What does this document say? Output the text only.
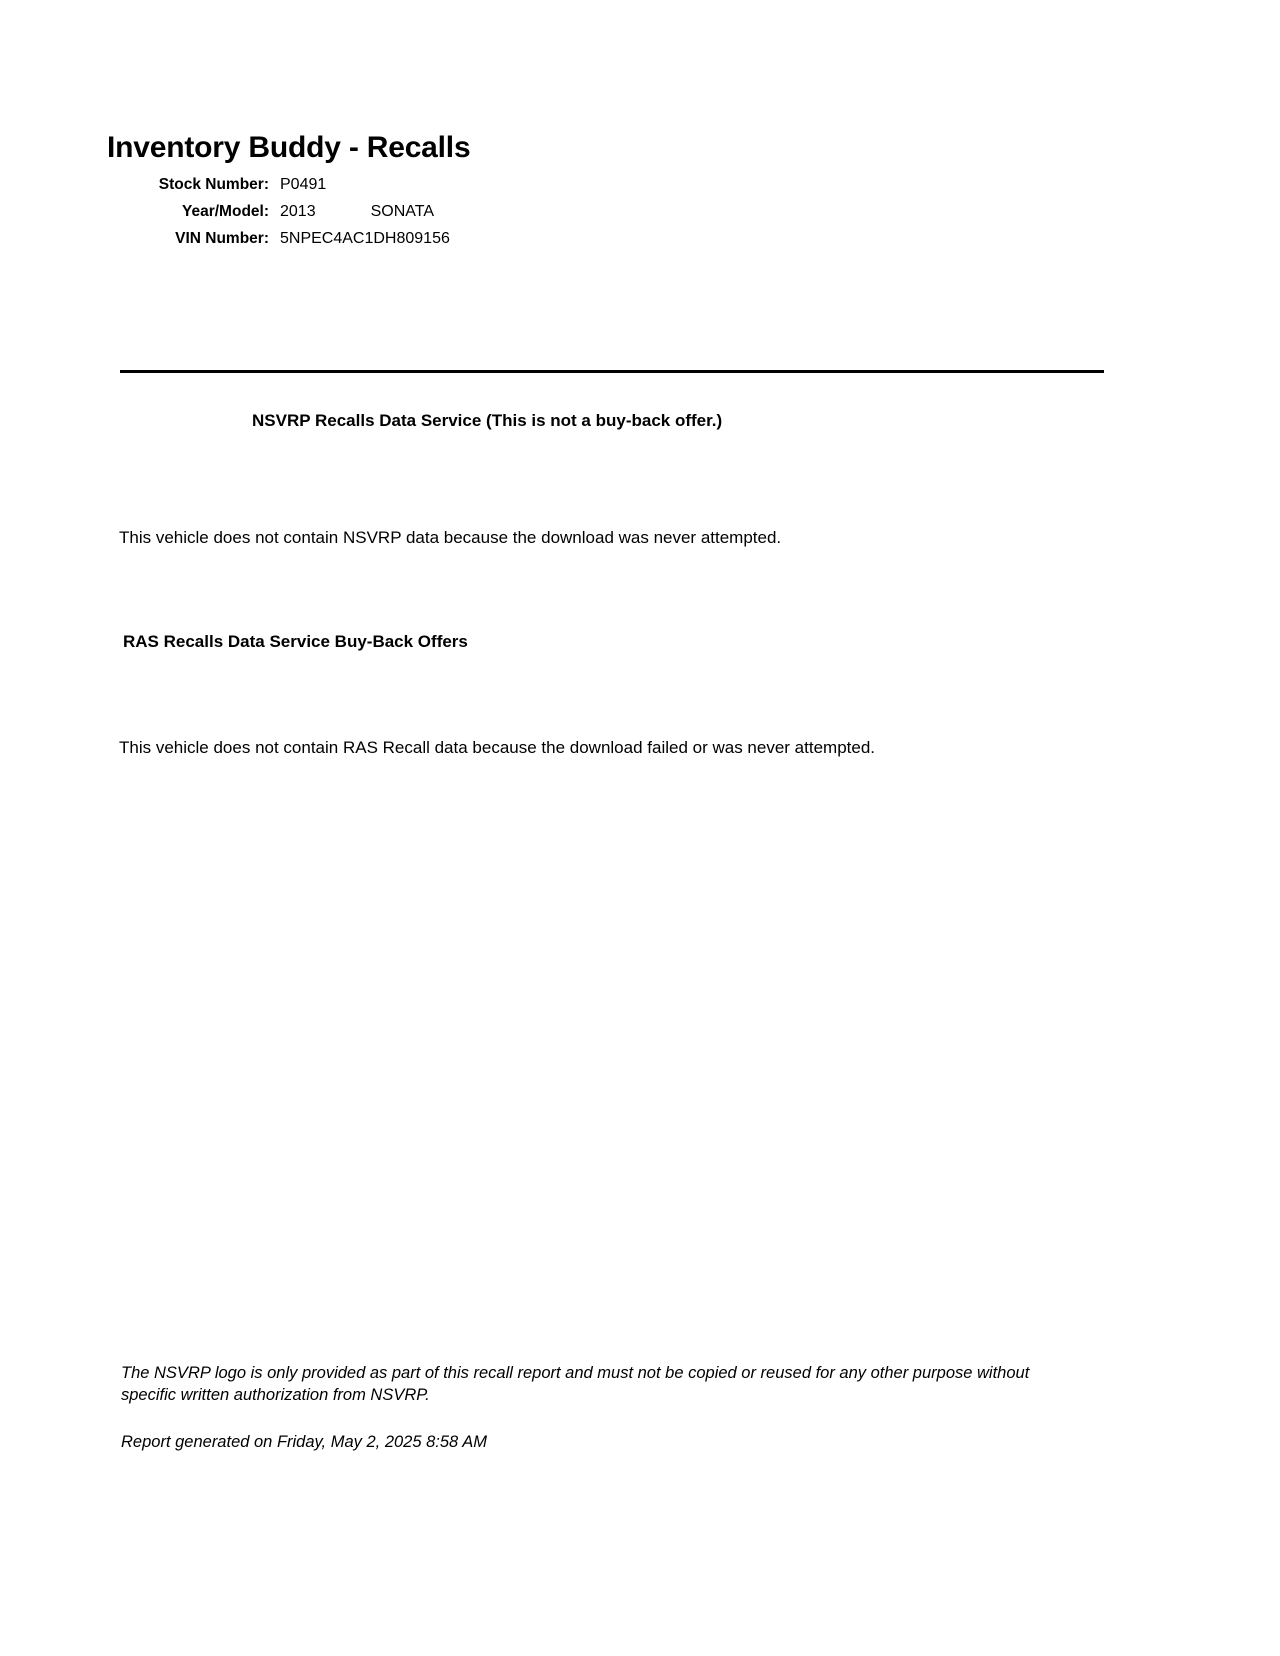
Inventory Buddy - Recalls
Stock Number: P0491
Year/Model: 2013	SONATA
VIN Number: 5NPEC4AC1DH809156
NSVRP Recalls Data Service (This is not a buy-back offer.)
This vehicle does not contain NSVRP data because the download was never attempted.
RAS Recalls Data Service Buy-Back Offers
This vehicle does not contain RAS Recall data because the download failed or was never attempted.
The NSVRP logo is only provided as part of this recall report and must not be copied or reused for any other purpose without specific written authorization from NSVRP.
Report generated on Friday, May 2, 2025 8:58 AM
